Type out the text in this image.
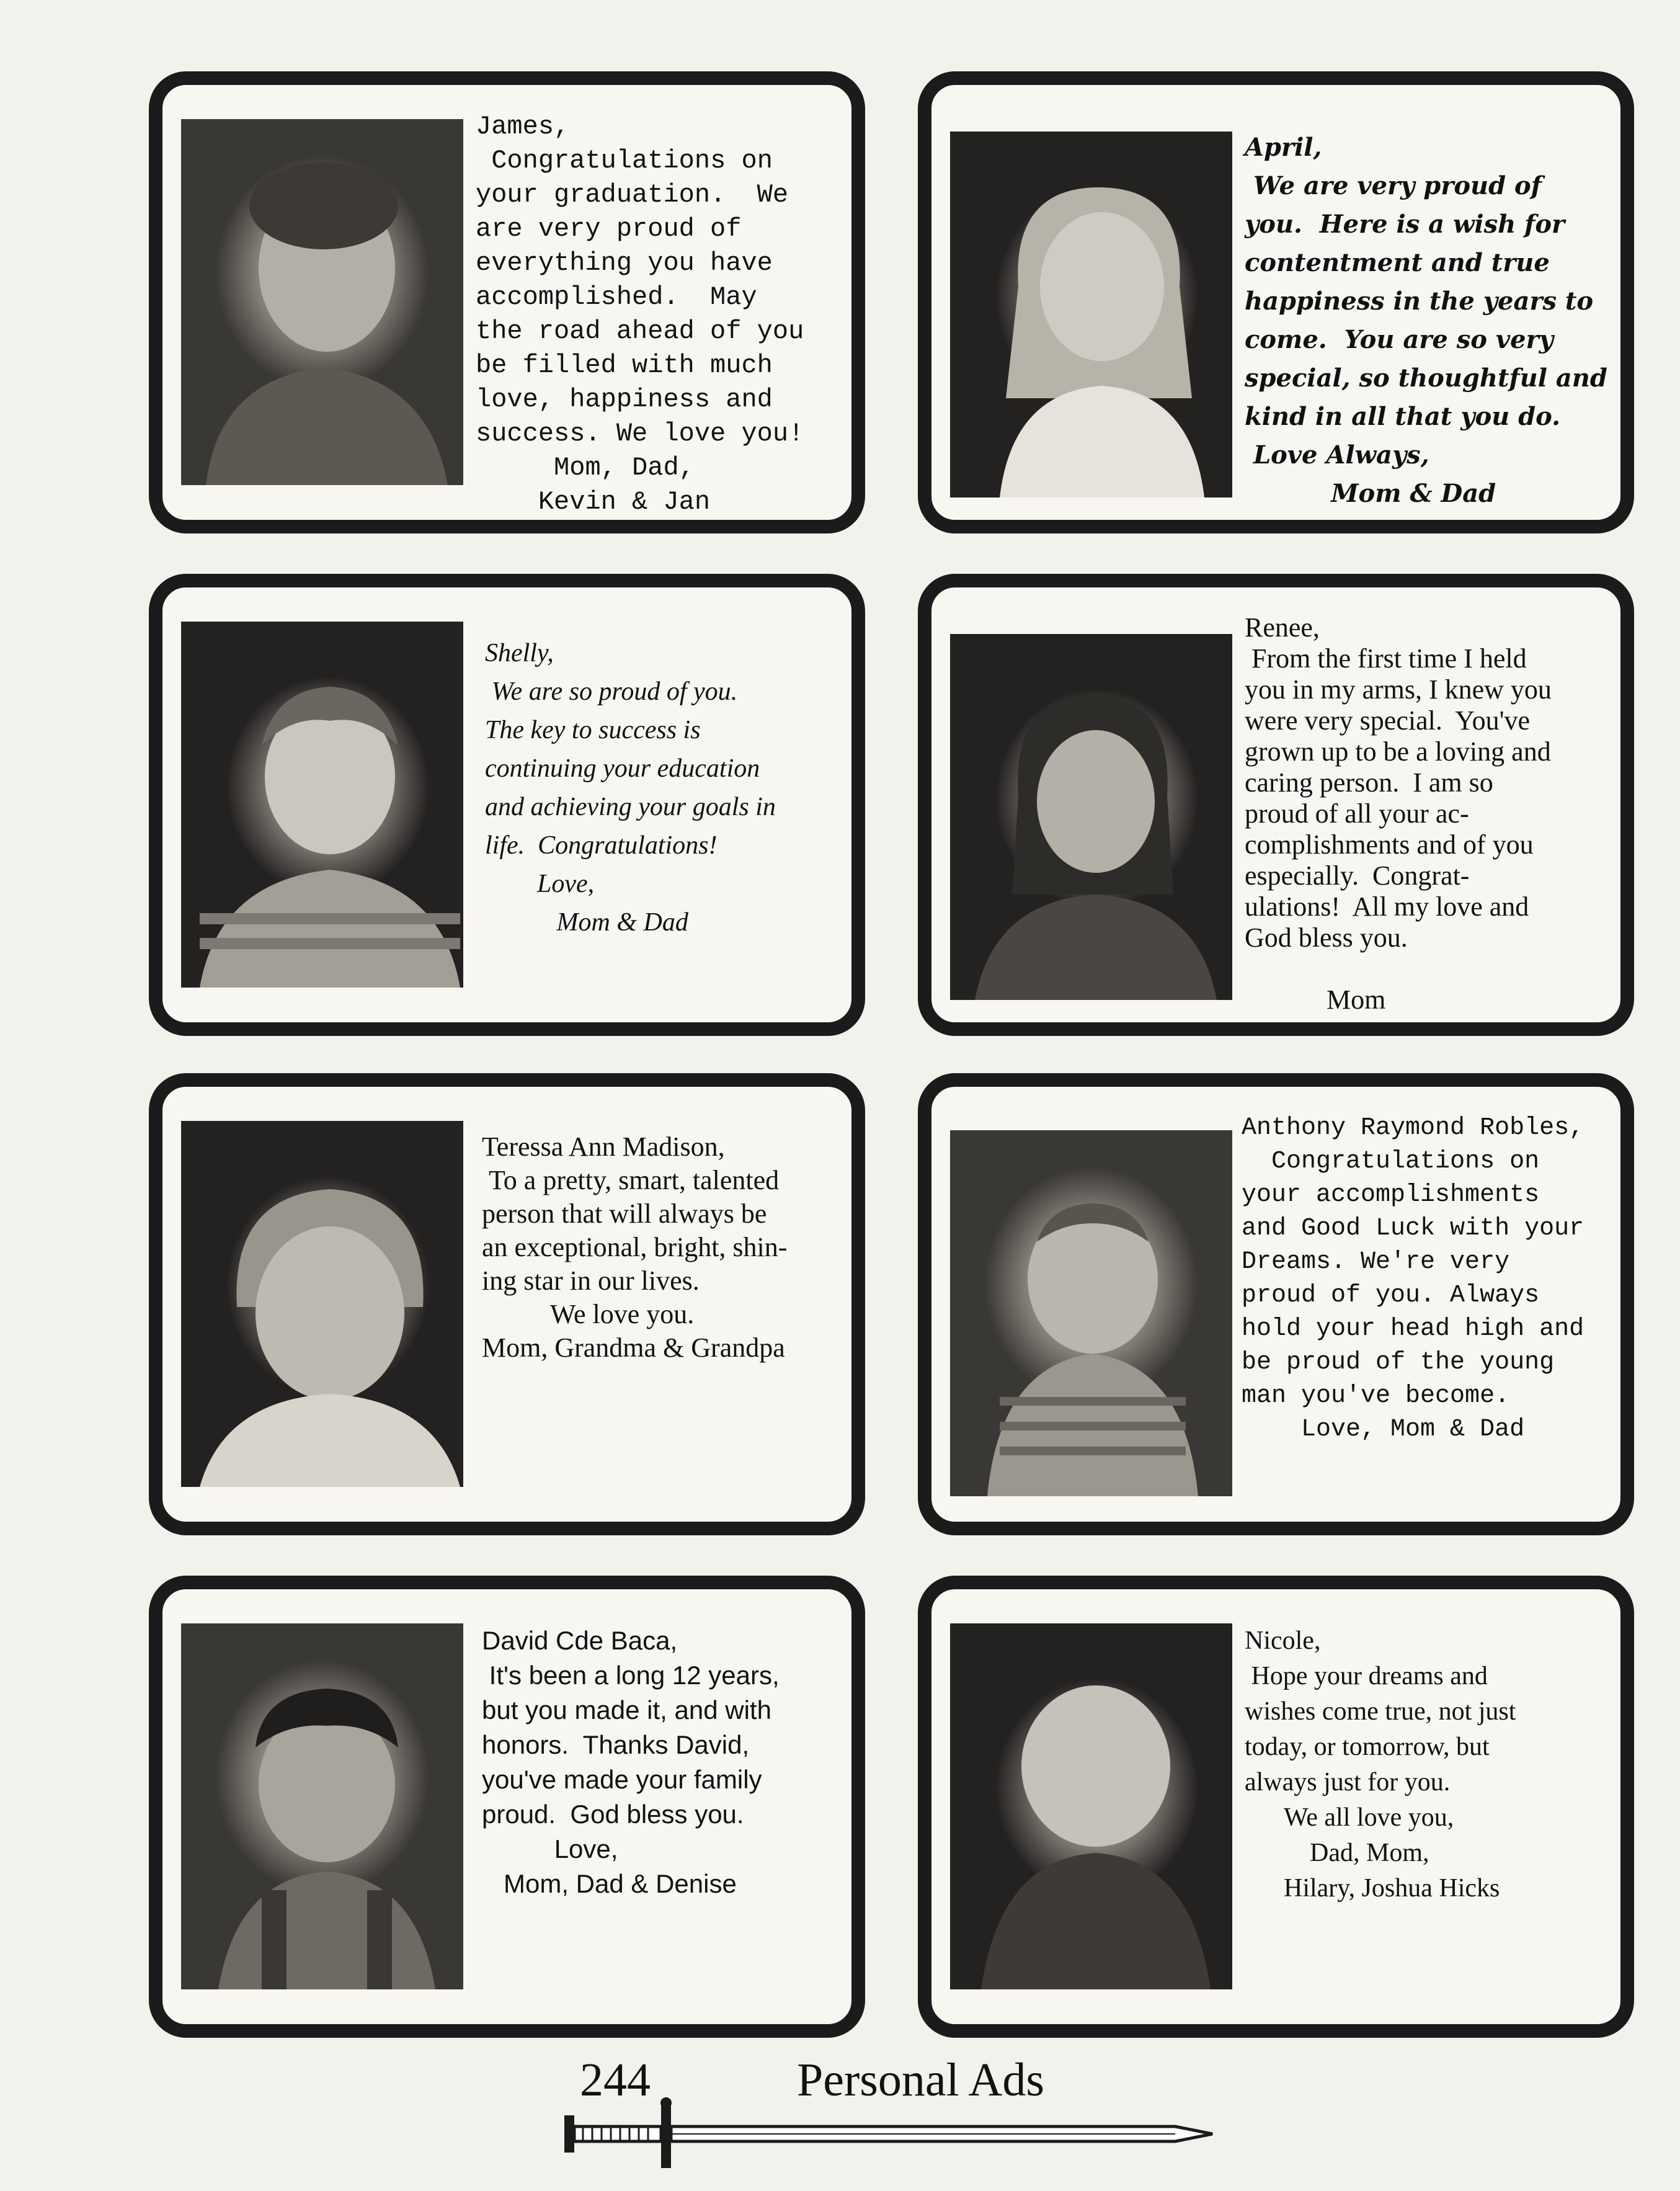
James,
Congratulations on
your graduation.  We
are very proud of
everything you have
accomplished.  May
the road ahead of you
be filled with much
love, happiness and
success. We love you!
Mom, Dad,
Kevin & Jan
April,
We are very proud of
you.  Here is a wish for
contentment and true
happiness in the years to
come.  You are so very
special, so thoughtful and
kind in all that you do.
Love Always,
Mom & Dad
Shelly,
We are so proud of you.
The key to success is
continuing your education
and achieving your goals in
life.  Congratulations!
Love,
Mom & Dad
Renee,
From the first time I held
you in my arms, I knew you
were very special.  You've
grown up to be a loving and
caring person.  I am so
proud of all your ac-
complishments and of you
especially.  Congrat-
ulations!  All my love and
God bless you.

Mom
Teressa Ann Madison,
To a pretty, smart, talented
person that will always be
an exceptional, bright, shin-
ing star in our lives.
We love you.
Mom, Grandma & Grandpa
Anthony Raymond Robles,
Congratulations on
your accomplishments
and Good Luck with your
Dreams. We're very
proud of you. Always
hold your head high and
be proud of the young
man you've become.
Love, Mom & Dad
David Cde Baca,
It's been a long 12 years,
but you made it, and with
honors.  Thanks David,
you've made your family
proud.  God bless you.
Love,
Mom, Dad & Denise
Nicole,
Hope your dreams and
wishes come true, not just
today, or tomorrow, but
always just for you.
We all love you,
Dad, Mom,
Hilary, Joshua Hicks
244	Personal Ads
